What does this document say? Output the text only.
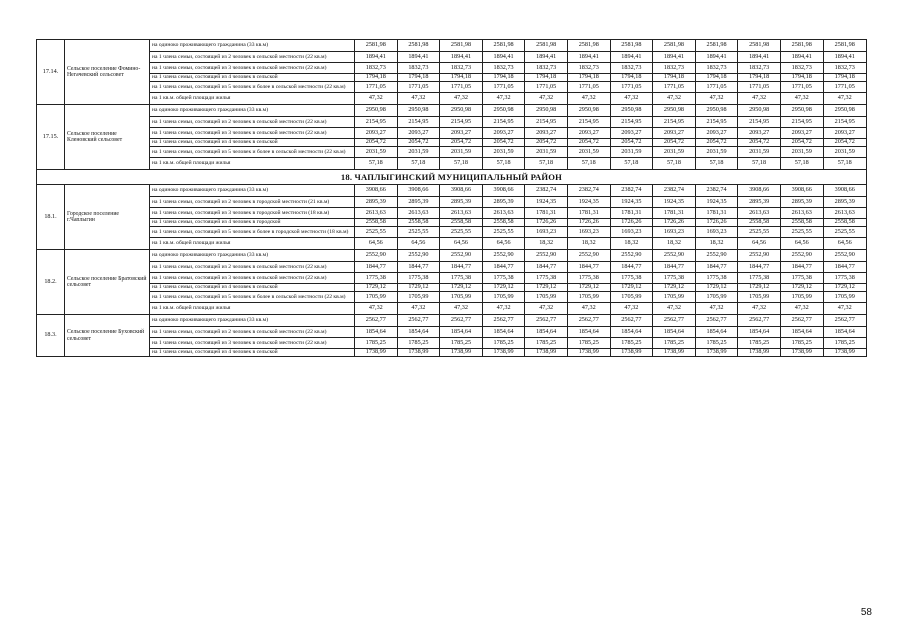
17.14.	Сельское поселение Фомино-Негачевский сельсовет	на одиноко проживающего гражданина (33 кв.м)	2581,98	2581,98	2581,98	2581,98	2581,98	2581,98	2581,98	2581,98	2581,98	2581,98	2581,98	2581,98
		на 1 члена семьи, состоящей из 2 человек в сельской местности (22 кв.м)	1894,41	1894,41	1894,41	1894,41	1894,41	1894,41	1894,41	1894,41	1894,41	1894,41	1894,41	1894,41
		на 1 члена семьи, состоящей из 3 человек в сельской местности (22 кв.м)	1832,73	1832,73	1832,73	1832,73	1832,73	1832,73	1832,73	1832,73	1832,73	1832,73	1832,73	1832,73
		на 1 члена семьи, состоящей из 4 человек в сельской	1794,18	1794,18	1794,18	1794,18	1794,18	1794,18	1794,18	1794,18	1794,18	1794,18	1794,18	1794,18
		на 1 члена семьи, состоящей из 5 человек и более в сельской местности (22 кв.м)	1771,05	1771,05	1771,05	1771,05	1771,05	1771,05	1771,05	1771,05	1771,05	1771,05	1771,05	1771,05
		на 1 кв.м. общей площади жилья	47,32	47,32	47,32	47,32	47,32	47,32	47,32	47,32	47,32	47,32	47,32	47,32
17.15.	Сельское поселение Кленовский сельсовет	на одиноко проживающего гражданина (33 кв.м)	2950,98	2950,98	2950,98	2950,98	2950,98	2950,98	2950,98	2950,98	2950,98	2950,98	2950,98	2950,98
		на 1 члена семьи, состоящей из 2 человек в сельской местности (22 кв.м)	2154,95	2154,95	2154,95	2154,95	2154,95	2154,95	2154,95	2154,95	2154,95	2154,95	2154,95	2154,95
		на 1 члена семьи, состоящей из 3 человек в сельской местности (22 кв.м)	2093,27	2093,27	2093,27	2093,27	2093,27	2093,27	2093,27	2093,27	2093,27	2093,27	2093,27	2093,27
		на 1 члена семьи, состоящей из 4 человек в сельской	2054,72	2054,72	2054,72	2054,72	2054,72	2054,72	2054,72	2054,72	2054,72	2054,72	2054,72	2054,72
		на 1 члена семьи, состоящей из 5 человек и более в сельской местности (22 кв.м)	2031,59	2031,59	2031,59	2031,59	2031,59	2031,59	2031,59	2031,59	2031,59	2031,59	2031,59	2031,59
		на 1 кв.м. общей площади жилья	57,18	57,18	57,18	57,18	57,18	57,18	57,18	57,18	57,18	57,18	57,18	57,18
18. ЧАПЛЫГИНСКИЙ МУНИЦИПАЛЬНЫЙ РАЙОН														
18.1.	Городское поселение г.Чаплыгин	на одиноко проживающего гражданина (33 кв.м)	3908,66	3908,66	3908,66	3908,66	2382,74	2382,74	2382,74	2382,74	2382,74	3908,66	3908,66	3908,66
		на 1 члена семьи, состоящей из 2 человек в городской местности (21 кв.м)	2895,39	2895,39	2895,39	2895,39	1924,35	1924,35	1924,35	1924,35	1924,35	2895,39	2895,39	2895,39
		на 1 члена семьи, состоящей из 3 человек в городской местности (18 кв.м)	2613,63	2613,63	2613,63	2613,63	1781,31	1781,31	1781,31	1781,31	1781,31	2613,63	2613,63	2613,63
		на 1 члена семьи, состоящей из 4 человек в городской	2558,58	2558,58	2558,58	2558,58	1726,26	1726,26	1726,26	1726,26	1726,26	2558,58	2558,58	2558,58
		на 1 члена семьи, состоящей из 5 человек и более в городской местности (18 кв.м)	2525,55	2525,55	2525,55	2525,55	1693,23	1693,23	1693,23	1693,23	1693,23	2525,55	2525,55	2525,55
		на 1 кв.м. общей площади жилья	64,56	64,56	64,56	64,56	18,32	18,32	18,32	18,32	18,32	64,56	64,56	64,56
18.2.	Сельское поселение Братовский сельсовет	на одиноко проживающего гражданина (33 кв.м)	2552,90	2552,90	2552,90	2552,90	2552,90	2552,90	2552,90	2552,90	2552,90	2552,90	2552,90	2552,90
		на 1 члена семьи, состоящей из 2 человек в сельской местности (22 кв.м)	1844,77	1844,77	1844,77	1844,77	1844,77	1844,77	1844,77	1844,77	1844,77	1844,77	1844,77	1844,77
		на 1 члена семьи, состоящей из 3 человек в сельской местности (22 кв.м)	1775,38	1775,38	1775,38	1775,38	1775,38	1775,38	1775,38	1775,38	1775,38	1775,38	1775,38	1775,38
		на 1 члена семьи, состоящей из 4 человек в сельской	1729,12	1729,12	1729,12	1729,12	1729,12	1729,12	1729,12	1729,12	1729,12	1729,12	1729,12	1729,12
		на 1 члена семьи, состоящей из 5 человек и более в сельской местности (22 кв.м)	1705,99	1705,99	1705,99	1705,99	1705,99	1705,99	1705,99	1705,99	1705,99	1705,99	1705,99	1705,99
		на 1 кв.м. общей площади жилья	47,32	47,32	47,32	47,32	47,32	47,32	47,32	47,32	47,32	47,32	47,32	47,32
18.3.	Сельское поселение Буховский сельсовет	на одиноко проживающего гражданина (33 кв.м)	2562,77	2562,77	2562,77	2562,77	2562,77	2562,77	2562,77	2562,77	2562,77	2562,77	2562,77	2562,77
		на 1 члена семьи, состоящей из 2 человек в сельской местности (22 кв.м)	1854,64	1854,64	1854,64	1854,64	1854,64	1854,64	1854,64	1854,64	1854,64	1854,64	1854,64	1854,64
		на 1 члена семьи, состоящей из 3 человек в сельской местности (22 кв.м)	1785,25	1785,25	1785,25	1785,25	1785,25	1785,25	1785,25	1785,25	1785,25	1785,25	1785,25	1785,25
		на 1 члена семьи, состоящей из 4 человек в сельской	1738,99	1738,99	1738,99	1738,99	1738,99	1738,99	1738,99	1738,99	1738,99	1738,99	1738,99	1738,99
58
